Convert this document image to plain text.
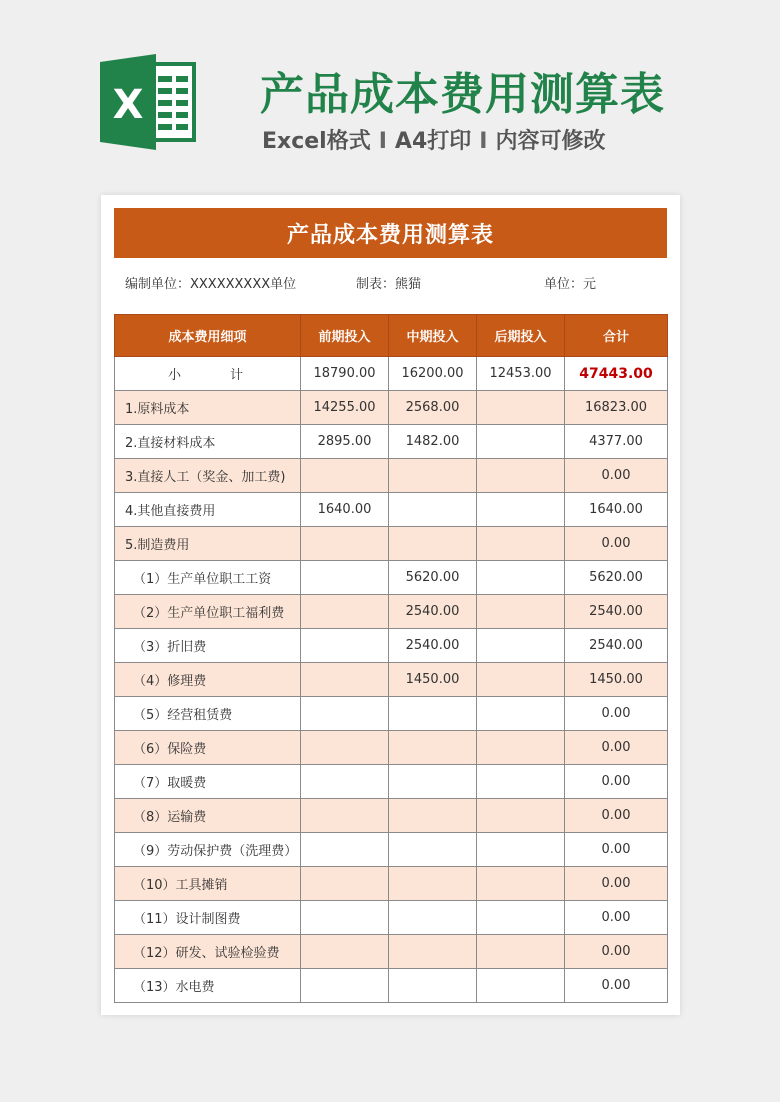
X	产品成本费用测算表
Excel格式 I A4打印 I 内容可修改
产品成本费用测算表
编制单位：XXXXXXXXX单位	制表：熊猫	单位：元
成本费用细项	前期投入	中期投入	后期投入	合计
小　计	18790.00	16200.00	12453.00	47443.00
1.原料成本	14255.00	2568.00		16823.00
2.直接材料成本	2895.00	1482.00		4377.00
3.直接人工（奖金、加工费)				0.00
4.其他直接费用	1640.00			1640.00
5.制造费用				0.00
（1）生产单位职工工资		5620.00		5620.00
（2）生产单位职工福利费		2540.00		2540.00
（3）折旧费		2540.00		2540.00
（4）修理费		1450.00		1450.00
（5）经营租赁费				0.00
（6）保险费				0.00
（7）取暖费				0.00
（8）运输费				0.00
（9）劳动保护费（洗理费）				0.00
（10）工具摊销				0.00
（11）设计制图费				0.00
（12）研发、试验检验费				0.00
（13）水电费				0.00
